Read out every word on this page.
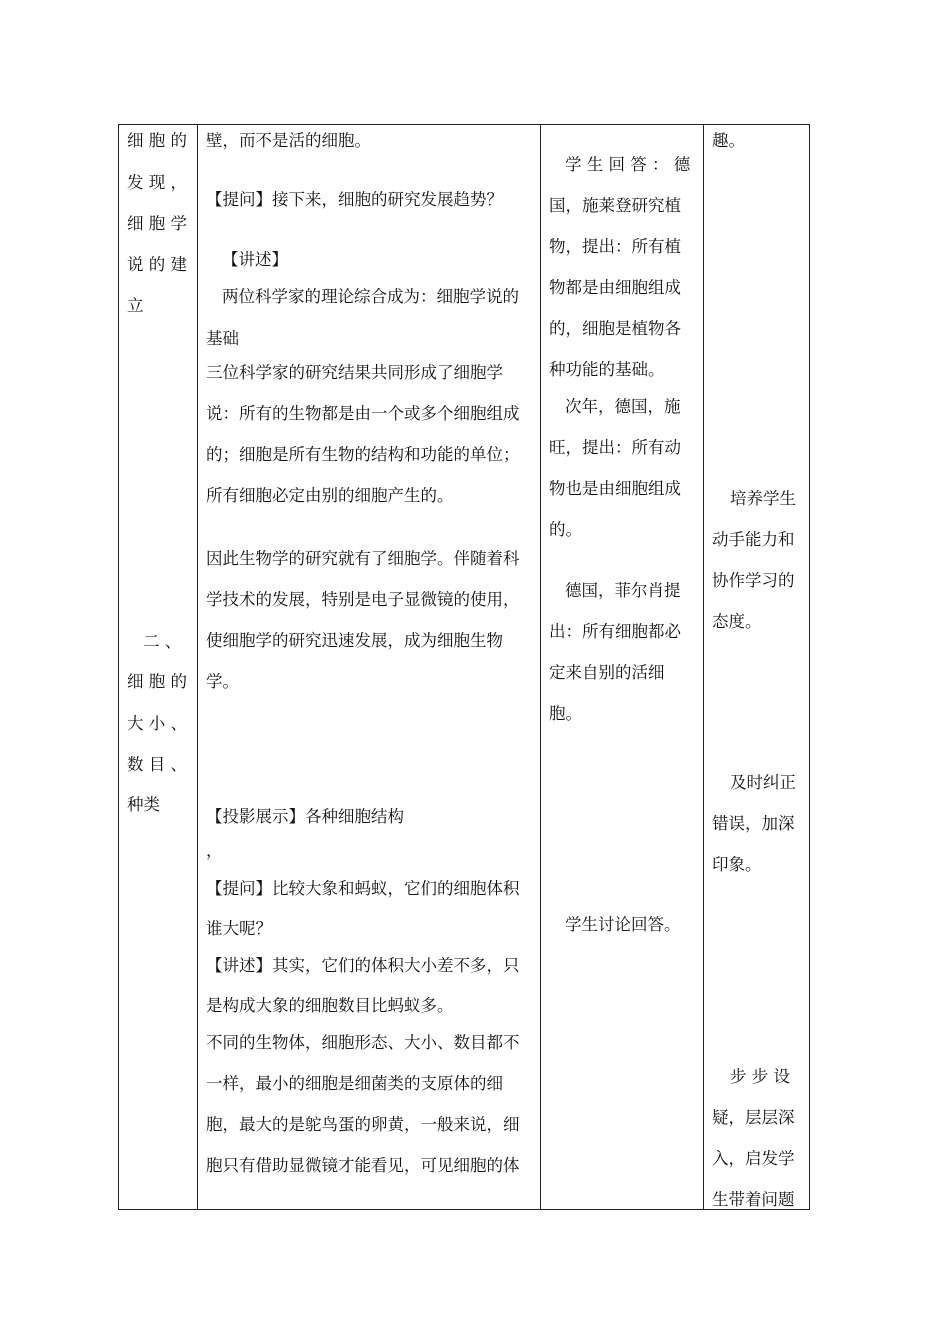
细 胞 的
发 现 ，
细 胞 学
说 的 建
立
二 、
细 胞 的
大 小 、
数 目 、
种类
壁，而不是活的细胞。
【提问】接下来，细胞的研究发展趋势？
【讲述】
两位科学家的理论综合成为：细胞学说的
基础
三位科学家的研究结果共同形成了细胞学
说：所有的生物都是由一个或多个细胞组成
的；细胞是所有生物的结构和功能的单位；
所有细胞必定由别的细胞产生的。
因此生物学的研究就有了细胞学。伴随着科
学技术的发展，特别是电子显微镜的使用，
使细胞学的研究迅速发展，成为细胞生物
学。
【投影展示】各种细胞结构
，
【提问】比较大象和蚂蚁，它们的细胞体积
谁大呢？
【讲述】其实，它们的体积大小差不多，只
是构成大象的细胞数目比蚂蚁多。
不同的生物体，细胞形态、大小、数目都不
一样，最小的细胞是细菌类的支原体的细
胞，最大的是鸵鸟蛋的卵黄，一般来说，细
胞只有借助显微镜才能看见，可见细胞的体
学 生 回 答 ： 德
国，施莱登研究植
物，提出：所有植
物都是由细胞组成
的，细胞是植物各
种功能的基础。
次年，德国，施
旺，提出：所有动
物也是由细胞组成
的。
德国，菲尔肖提
出：所有细胞都必
定来自别的活细
胞。
学生讨论回答。
趣。
培养学生
动手能力和
协作学习的
态度。
及时纠正
错误，加深
印象。
步 步 设
疑，层层深
入，启发学
生带着问题
